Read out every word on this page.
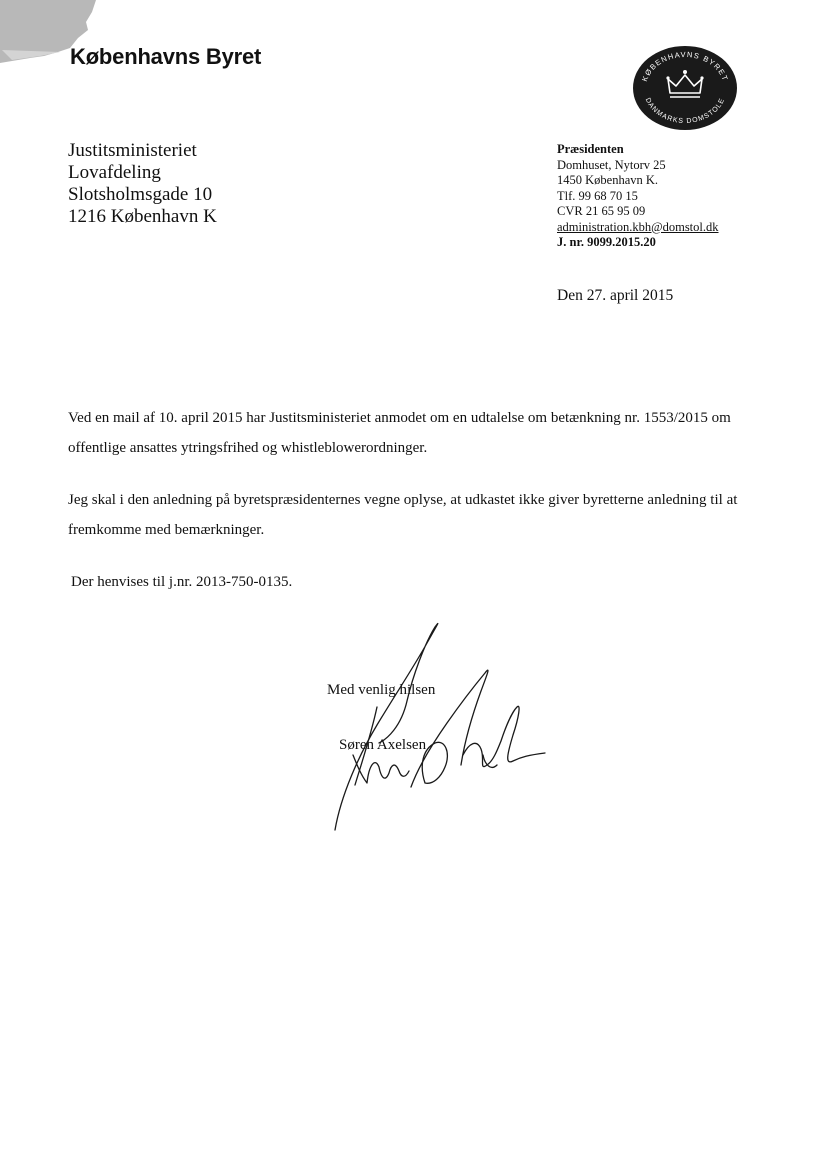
Københavns Byret
KØBENHAVNS BYRET
DANMARKS DOMSTOLE
Justitsministeriet
Lovafdeling
Slotsholmsgade 10
1216 København K
Præsidenten
Domhuset, Nytorv 25
1450 København K.
Tlf. 99 68 70 15
CVR 21 65 95 09
administration.kbh@domstol.dk
J. nr. 9099.2015.20
Den 27. april 2015

Ved en mail af 10. april 2015 har Justitsministeriet anmodet om en udtalelse om betænkning nr. 1553/2015 om offentlige ansattes ytringsfrihed og whistleblowerordninger.

Jeg skal i den anledning på byretspræsidenternes vegne oplyse, at udkastet ikke giver byretterne anledning til at fremkomme med bemærkninger.

Der henvises til j.nr. 2013-750-0135.

Med venlig hilsen
Søren Axelsen
